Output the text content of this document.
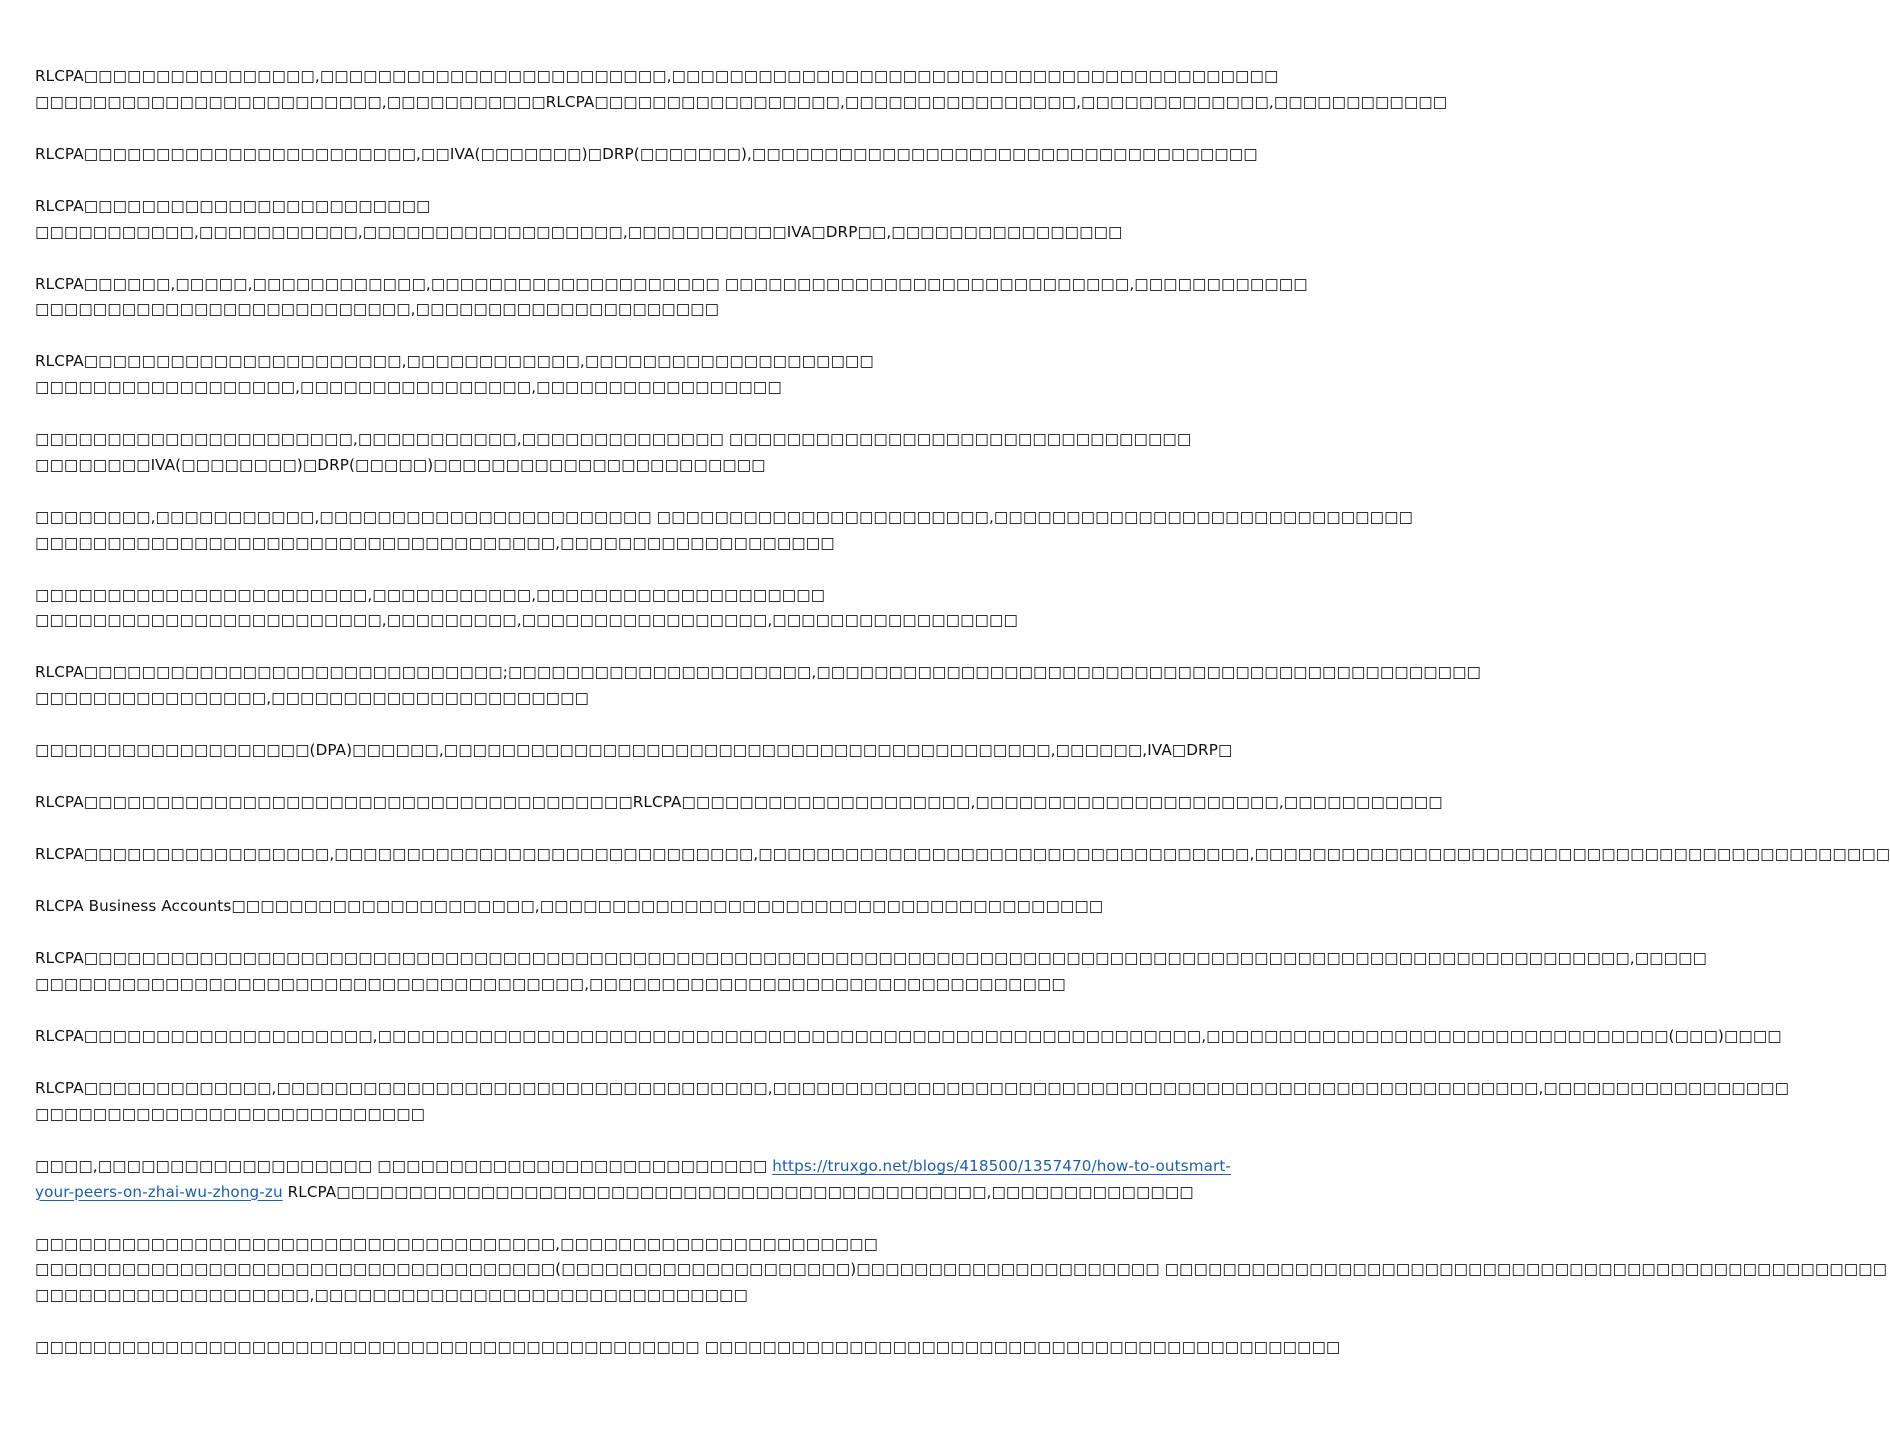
RLCPA□□□□□□□□□□□□□□□□,□□□□□□□□□□□□□□□□□□□□□□□□,□□□□□□□□□□□□□□□□□□□□□□□□□□□□□□□□□□□□□□□□□□
□□□□□□□□□□□□□□□□□□□□□□□□,□□□□□□□□□□□RLCPA□□□□□□□□□□□□□□□□□,□□□□□□□□□□□□□□□□,□□□□□□□□□□□□□,□□□□□□□□□□□□
RLCPA□□□□□□□□□□□□□□□□□□□□□□□,□□IVA(□□□□□□□)□DRP(□□□□□□□),□□□□□□□□□□□□□□□□□□□□□□□□□□□□□□□□□□□
RLCPA□□□□□□□□□□□□□□□□□□□□□□□□
□□□□□□□□□□□,□□□□□□□□□□□,□□□□□□□□□□□□□□□□□□,□□□□□□□□□□□IVA□DRP□□,□□□□□□□□□□□□□□□□
RLCPA□□□□□□,□□□□□,□□□□□□□□□□□□,□□□□□□□□□□□□□□□□□□□□ □□□□□□□□□□□□□□□□□□□□□□□□□□□□,□□□□□□□□□□□□
□□□□□□□□□□□□□□□□□□□□□□□□□□,□□□□□□□□□□□□□□□□□□□□□
RLCPA□□□□□□□□□□□□□□□□□□□□□□,□□□□□□□□□□□□,□□□□□□□□□□□□□□□□□□□□
□□□□□□□□□□□□□□□□□□,□□□□□□□□□□□□□□□□,□□□□□□□□□□□□□□□□□
□□□□□□□□□□□□□□□□□□□□□□,□□□□□□□□□□□,□□□□□□□□□□□□□□ □□□□□□□□□□□□□□□□□□□□□□□□□□□□□□□□
□□□□□□□□IVA(□□□□□□□□)□DRP(□□□□□)□□□□□□□□□□□□□□□□□□□□□□□
□□□□□□□□,□□□□□□□□□□□,□□□□□□□□□□□□□□□□□□□□□□□ □□□□□□□□□□□□□□□□□□□□□□□,□□□□□□□□□□□□□□□□□□□□□□□□□□□□□
□□□□□□□□□□□□□□□□□□□□□□□□□□□□□□□□□□□□,□□□□□□□□□□□□□□□□□□□
□□□□□□□□□□□□□□□□□□□□□□□,□□□□□□□□□□□,□□□□□□□□□□□□□□□□□□□□
□□□□□□□□□□□□□□□□□□□□□□□□,□□□□□□□□□,□□□□□□□□□□□□□□□□□,□□□□□□□□□□□□□□□□□
RLCPA□□□□□□□□□□□□□□□□□□□□□□□□□□□□□;□□□□□□□□□□□□□□□□□□□□□,□□□□□□□□□□□□□□□□□□□□□□□□□□□□□□□□□□□□□□□□□□□□□□
□□□□□□□□□□□□□□□□,□□□□□□□□□□□□□□□□□□□□□□
□□□□□□□□□□□□□□□□□□□(DPA)□□□□□□,□□□□□□□□□□□□□□□□□□□□□□□□□□□□□□□□□□□□□□□□□□,□□□□□□,IVA□DRP□
RLCPA□□□□□□□□□□□□□□□□□□□□□□□□□□□□□□□□□□□□□□RLCPA□□□□□□□□□□□□□□□□□□□□,□□□□□□□□□□□□□□□□□□□□□,□□□□□□□□□□□
RLCPA□□□□□□□□□□□□□□□□□,□□□□□□□□□□□□□□□□□□□□□□□□□□□□□,□□□□□□□□□□□□□□□□□□□□□□□□□□□□□□□□□□,□□□□□□□□□□□□□□□□□□□□□□□□□□□□□□□□□□□□□□□□□□□□
RLCPA Business Accounts□□□□□□□□□□□□□□□□□□□□□,□□□□□□□□□□□□□□□□□□□□□□□□□□□□□□□□□□□□□□□
RLCPA□□□□□□□□□□□□□□□□□□□□□□□□□□□□□□□□□□□□□□□□□□□□□□□□□□□□□□□□□□□□□□□□□□□□□□□□□□□□□□□□□□□□□□□□□□□□□□□□□□□□□□□□□□□,□□□□□
□□□□□□□□□□□□□□□□□□□□□□□□□□□□□□□□□□□□□□,□□□□□□□□□□□□□□□□□□□□□□□□□□□□□□□□□
RLCPA□□□□□□□□□□□□□□□□□□□□,□□□□□□□□□□□□□□□□□□□□□□□□□□□□□□□□□□□□□□□□□□□□□□□□□□□□□□□□□,□□□□□□□□□□□□□□□□□□□□□□□□□□□□□□□□(□□□)□□□□
RLCPA□□□□□□□□□□□□□,□□□□□□□□□□□□□□□□□□□□□□□□□□□□□□□□□□,□□□□□□□□□□□□□□□□□□□□□□□□□□□□□□□□□□□□□□□□□□□□□□□□□□□□□,□□□□□□□□□□□□□□□□□
□□□□□□□□□□□□□□□□□□□□□□□□□□□
□□□□,□□□□□□□□□□□□□□□□□□□ □□□□□□□□□□□□□□□□□□□□□□□□□□□ https://truxgo.net/blogs/418500/1357470/how-to-outsmart-
your-peers-on-zhai-wu-zhong-zu RLCPA□□□□□□□□□□□□□□□□□□□□□□□□□□□□□□□□□□□□□□□□□□□□□,□□□□□□□□□□□□□□
□□□□□□□□□□□□□□□□□□□□□□□□□□□□□□□□□□□□,□□□□□□□□□□□□□□□□□□□□□□
□□□□□□□□□□□□□□□□□□□□□□□□□□□□□□□□□□□□(□□□□□□□□□□□□□□□□□□□□)□□□□□□□□□□□□□□□□□□□□□ □□□□□□□□□□□□□□□□□□□□□□□□□□□□□□□□□□□□□□□□□□□□□□□□□□
□□□□□□□□□□□□□□□□□□□,□□□□□□□□□□□□□□□□□□□□□□□□□□□□□□
□□□□□□□□□□□□□□□□□□□□□□□□□□□□□□□□□□□□□□□□□□□□□□ □□□□□□□□□□□□□□□□□□□□□□□□□□□□□□□□□□□□□□□□□□□□
